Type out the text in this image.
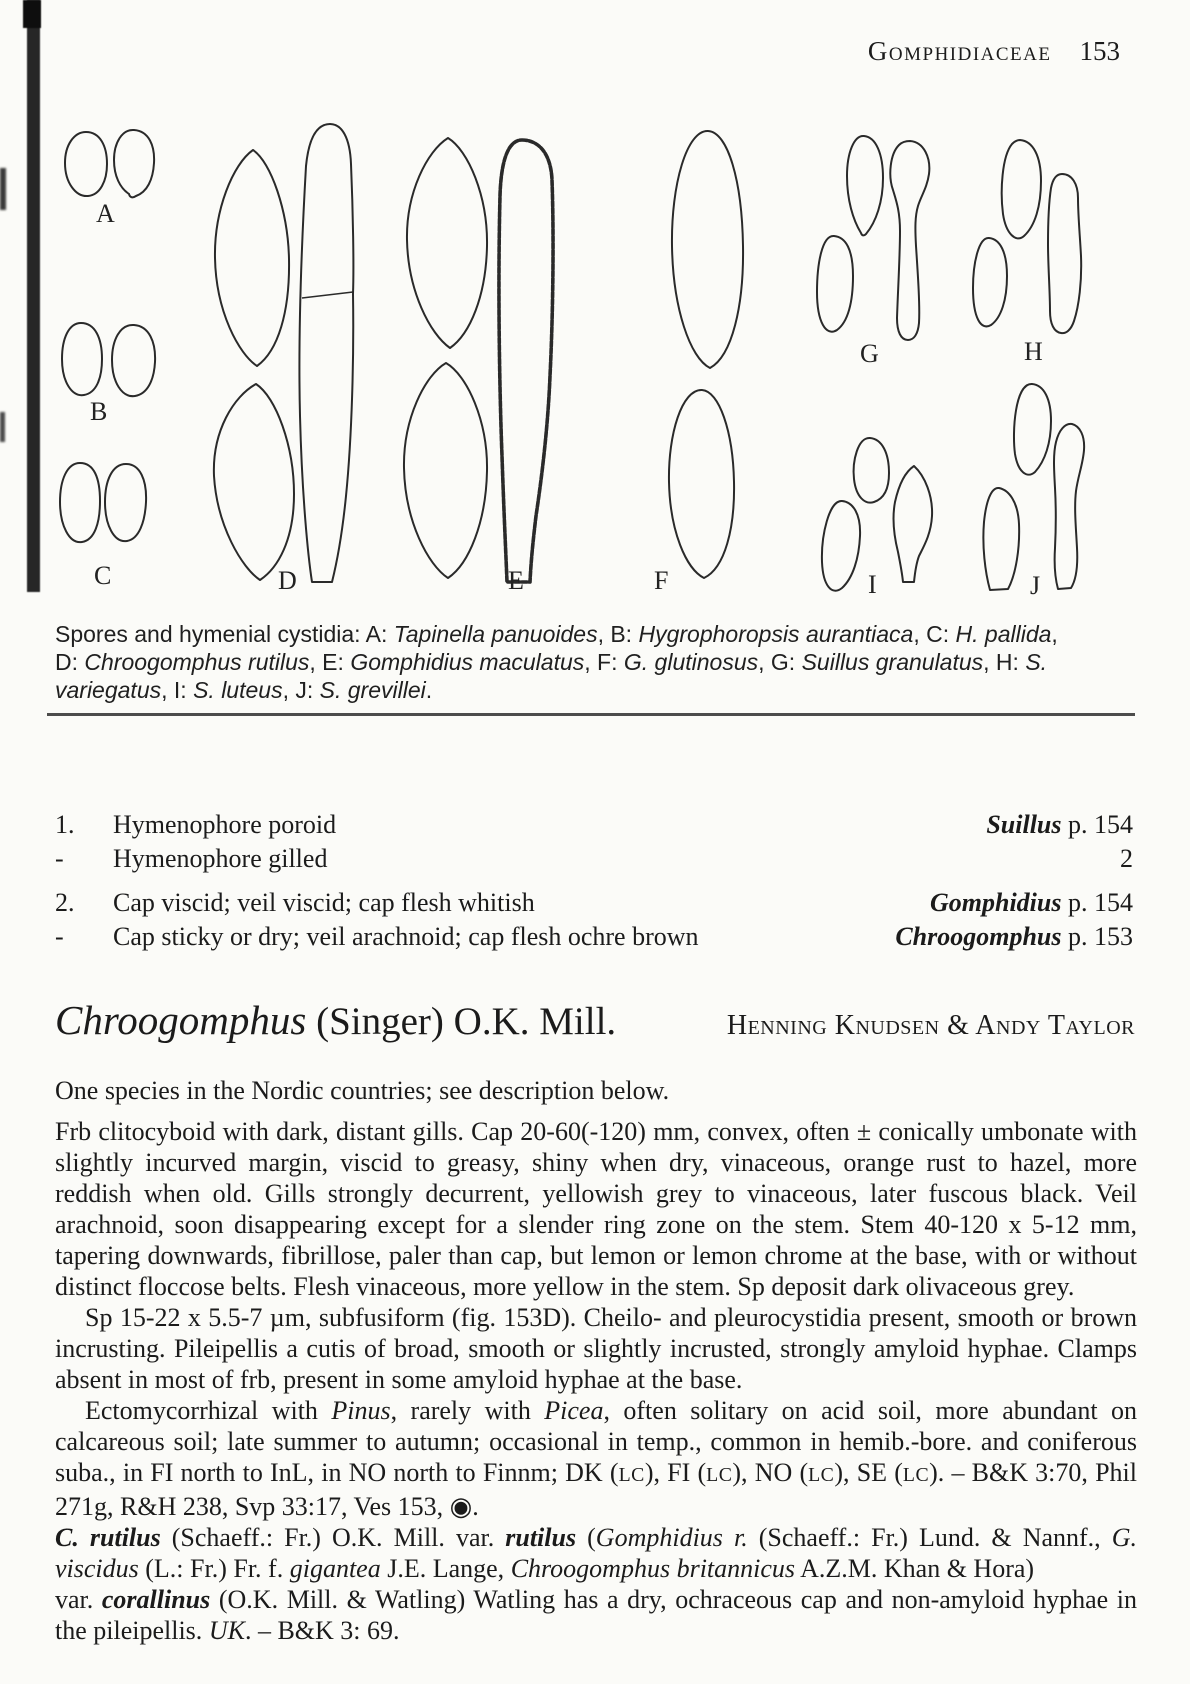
Gomphidiaceae 153
A
B
C	D	E	F
G	H
I	J
Spores and hymenial cystidia: A: Tapinella panuoides, B: Hygrophoropsis aurantiaca, C: H. pallida, D: Chroogomphus rutilus, E: Gomphidius maculatus, F: G. glutinosus, G: Suillus granulatus, H: S. variegatus, I: S. luteus, J: S. grevillei.
1.	Hymenophore poroid	Suillus p. 154
-	Hymenophore gilled	2
2.	Cap viscid; veil viscid; cap flesh whitish	Gomphidius p. 154
-	Cap sticky or dry; veil arachnoid; cap flesh ochre brown	Chroogomphus p. 153
Chroogomphus (Singer) O.K. Mill.	Henning Knudsen & Andy Taylor
One species in the Nordic countries; see description below.

Frb clitocyboid with dark, distant gills. Cap 20-60(-120) mm, convex, often ± conically umbonate with slightly incurved margin, viscid to greasy, shiny when dry, vinaceous, orange rust to hazel, more reddish when old. Gills strongly decurrent, yellowish grey to vinaceous, later fuscous black. Veil arachnoid, soon disappearing except for a slender ring zone on the stem. Stem 40-120 x 5-12 mm, tapering downwards, fibrillose, paler than cap, but lemon or lemon chrome at the base, with or without distinct floccose belts. Flesh vinaceous, more yellow in the stem. Sp deposit dark olivaceous grey.

Sp 15-22 x 5.5-7 µm, subfusiform (fig. 153D). Cheilo- and pleurocystidia present, smooth or brown incrusting. Pileipellis a cutis of broad, smooth or slightly incrusted, strongly amyloid hyphae. Clamps absent in most of frb, present in some amyloid hyphae at the base.

Ectomycorrhizal with Pinus, rarely with Picea, often solitary on acid soil, more abundant on calcareous soil; late summer to autumn; occasional in temp., common in hemib.-bore. and coniferous suba., in FI north to InL, in NO north to Finnm; DK (LC), FI (LC), NO (LC), SE (LC). – B&K 3:70, Phil 271g, R&H 238, Svp 33:17, Ves 153, ◉.

C. rutilus (Schaeff.: Fr.) O.K. Mill. var. rutilus (Gomphidius r. (Schaeff.: Fr.) Lund. & Nannf., G. viscidus (L.: Fr.) Fr. f. gigantea J.E. Lange, Chroogomphus britannicus A.Z.M. Khan & Hora)
var. corallinus (O.K. Mill. & Watling) Watling has a dry, ochraceous cap and non-amyloid hyphae in the pileipellis. UK. – B&K 3: 69.
